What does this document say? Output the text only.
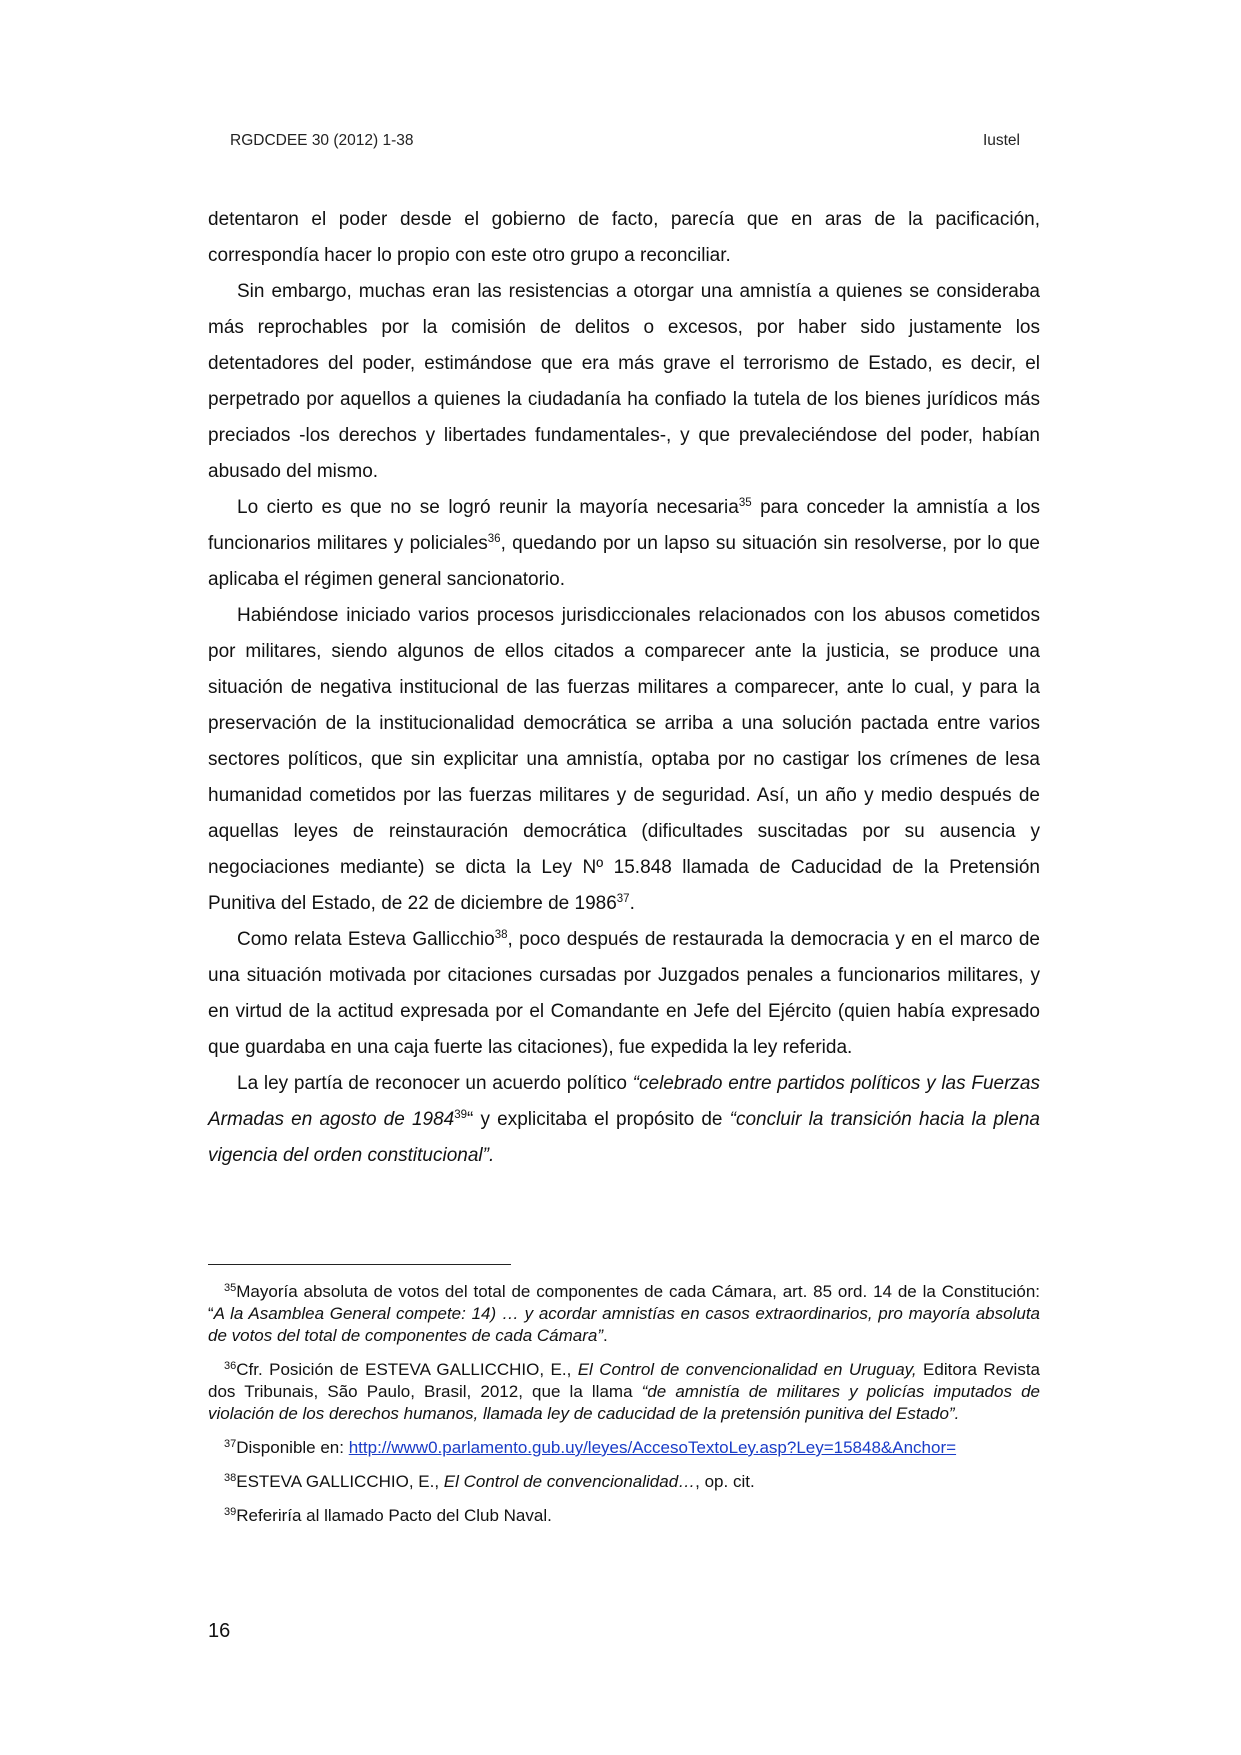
RGDCDEE 30 (2012) 1-38	Iustel

detentaron el poder desde el gobierno de facto, parecía que en aras de la pacificación, correspondía hacer lo propio con este otro grupo a reconciliar.

Sin embargo, muchas eran las resistencias a otorgar una amnistía a quienes se consideraba más reprochables por la comisión de delitos o excesos, por haber sido justamente los detentadores del poder, estimándose que era más grave el terrorismo de Estado, es decir, el perpetrado por aquellos a quienes la ciudadanía ha confiado la tutela de los bienes jurídicos más preciados -los derechos y libertades fundamentales-, y que prevaleciéndose del poder, habían abusado del mismo.

Lo cierto es que no se logró reunir la mayoría necesaria$^{35}$ para conceder la amnistía a los funcionarios militares y policiales$^{36}$, quedando por un lapso su situación sin resolverse, por lo que aplicaba el régimen general sancionatorio.

Habiéndose iniciado varios procesos jurisdiccionales relacionados con los abusos cometidos por militares, siendo algunos de ellos citados a comparecer ante la justicia, se produce una situación de negativa institucional de las fuerzas militares a comparecer, ante lo cual, y para la preservación de la institucionalidad democrática se arriba a una solución pactada entre varios sectores políticos, que sin explicitar una amnistía, optaba por no castigar los crímenes de lesa humanidad cometidos por las fuerzas militares y de seguridad. Así, un año y medio después de aquellas leyes de reinstauración democrática (dificultades suscitadas por su ausencia y negociaciones mediante) se dicta la Ley Nº 15.848 llamada de Caducidad de la Pretensión Punitiva del Estado, de 22 de diciembre de 1986$^{37}$.

Como relata Esteva Gallicchio$^{38}$, poco después de restaurada la democracia y en el marco de una situación motivada por citaciones cursadas por Juzgados penales a funcionarios militares, y en virtud de la actitud expresada por el Comandante en Jefe del Ejército (quien había expresado que guardaba en una caja fuerte las citaciones), fue expedida la ley referida.

La ley partía de reconocer un acuerdo político “celebrado entre partidos políticos y las Fuerzas Armadas en agosto de 1984$^{39}$“ y explicitaba el propósito de “concluir la transición hacia la plena vigencia del orden constitucional”.

$^{35}$Mayoría absoluta de votos del total de componentes de cada Cámara, art. 85 ord. 14 de la Constitución: “A la Asamblea General compete: 14) … y acordar amnistías en casos extraordinarios, pro mayoría absoluta de votos del total de componentes de cada Cámara”.

$^{36}$Cfr. Posición de ESTEVA GALLICCHIO, E., El Control de convencionalidad en Uruguay, Editora Revista dos Tribunais, São Paulo, Brasil, 2012, que la llama “de amnistía de militares y policías imputados de violación de los derechos humanos, llamada ley de caducidad de la pretensión punitiva del Estado”.

$^{37}$Disponible en: http://www0.parlamento.gub.uy/leyes/AccesoTextoLey.asp?Ley=15848&Anchor=

$^{38}$ESTEVA GALLICCHIO, E., El Control de convencionalidad…, op. cit.

$^{39}$Referiría al llamado Pacto del Club Naval.

16
